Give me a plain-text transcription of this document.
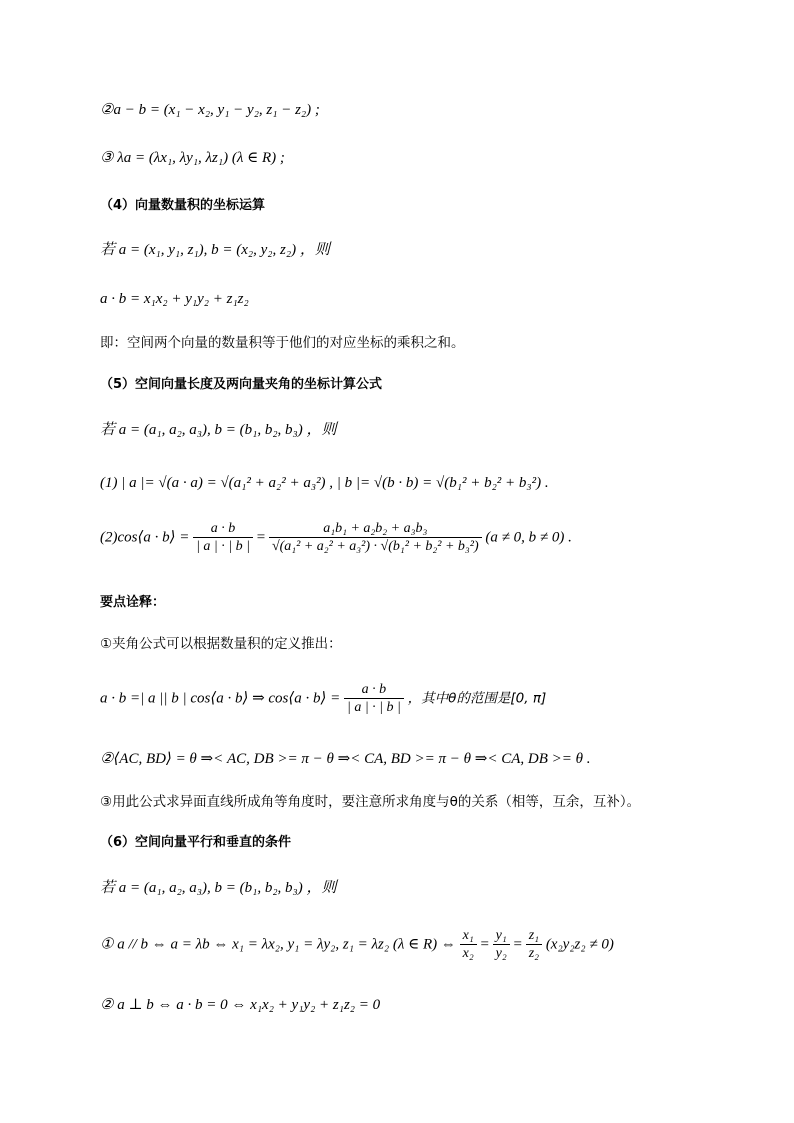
②a − b = (x₁ − x₂, y₁ − y₂, z₁ − z₂) ;
③ λa = (λx₁, λy₁, λz₁) (λ ∈ R) ;
（4）向量数量积的坐标运算
若 a = (x₁, y₁, z₁), b = (x₂, y₂, z₂) ，则
a · b = x₁x₂ + y₁y₂ + z₁z₂
即：空间两个向量的数量积等于他们的对应坐标的乘积之和。
（5）空间向量长度及两向量夹角的坐标计算公式
若 a = (a₁, a₂, a₃), b = (b₁, b₂, b₃) ，则
(1) | a |= √(a · a) = √(a₁² + a₂² + a₃²) , | b |= √(b · b) = √(b₁² + b₂² + b₃²) .
(2)cos⟨a · b⟩ = $\frac{a \cdot b}{| a | \cdot | b |} = \frac{\text{a₁b₁ + a₂b₂ + a₃b₃}}{\text{√(a₁² + a₂² + a₃²) · √(b₁² + b₂² + b₃²)}} (a \ne 0$, b ≠ 0) .
要点诠释：
①夹角公式可以根据数量积的定义推出：
a · b =| a || b | cos⟨a · b⟩ ⇒ cos⟨a · b⟩ = $\frac{a \cdot b}{| a | \cdot | b |}$ ，其中θ的范围是[0, π]
②⟨AC, BD⟩ = θ ⇒< AC, DB >= π − θ ⇒< CA, BD >= π − θ ⇒< CA, DB >= θ .
③用此公式求异面直线所成角等角度时，要注意所求角度与θ的关系（相等，互余，互补）。
（6）空间向量平行和垂直的条件
若 a = (a₁, a₂, a₃), b = (b₁, b₂, b₃) ，则
① a // b ⇔ a = λb ⇔ x₁ = λx₂, y₁ = λy₂, z₁ = λz₂ (λ ∈ R) ⇔ $\frac{\text{x₁}}{\text{x₂}} = \frac{\text{y₁}}{\text{y₂}} = \frac{\text{z₁}}{\text{z₂}} (x_2y_2z_2 \ne 0)$
② a ⊥ b ⇔ a · b = 0 ⇔ x₁x₂ + y₁y₂ + z₁z₂ = 0
